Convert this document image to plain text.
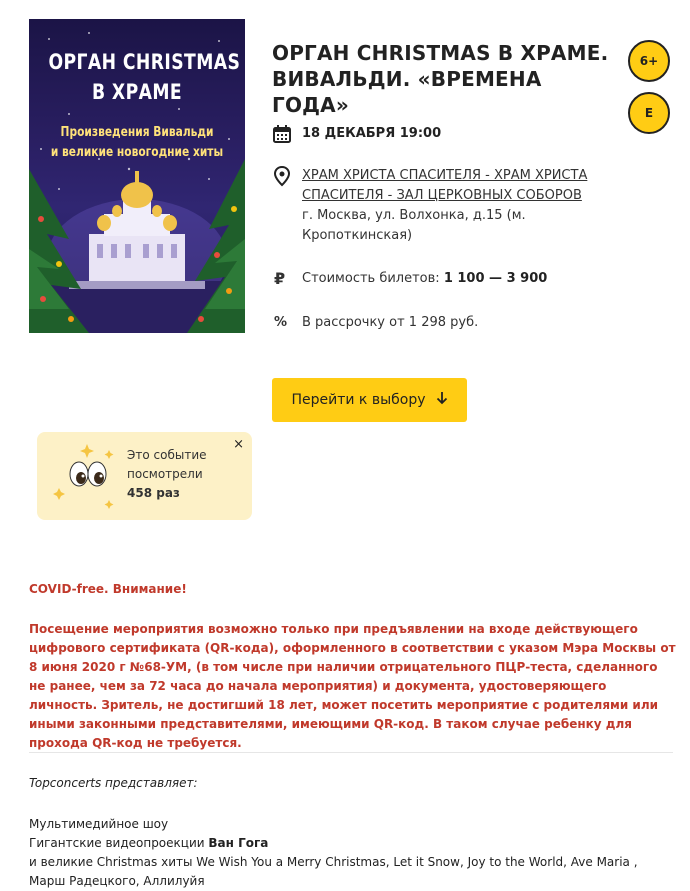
ОРГАН CHRISTMAS
В ХРАМЕ
Произведения Вивальди
и великие новогодние хиты
ОРГАН CHRISTMAS В ХРАМЕ. ВИВАЛЬДИ. «ВРЕМЕНА ГОДА»
6+
E
18 ДЕКАБРЯ 19:00
ХРАМ ХРИСТА СПАСИТЕЛЯ - ХРАМ ХРИСТА СПАСИТЕЛЯ - ЗАЛ ЦЕРКОВНЫХ СОБОРОВ
г. Москва, ул. Волхонка, д.15 (м. Кропоткинская)
₽	Стоимость билетов: 1 100 — 3 900
%	В рассрочку от 1 298 руб.
Перейти к выбору
Это событие
посмотрели
458 раз
×
COVID-free. Внимание!
Посещение мероприятия возможно только при предъявлении на входе действующего цифрового сертификата (QR-кода), оформленного в соответствии с указом Мэра Москвы от 8 июня 2020 г №68-УМ, (в том числе при наличии отрицательного ПЦР-теста, сделанного не ранее, чем за 72 часа до начала мероприятия) и документа, удостоверяющего личность. Зритель, не достигший 18 лет, может посетить мероприятие с родителями или иными законными представителями, имеющими QR-код. В таком случае ребенку для прохода QR-код не требуется.
Topconcerts представляет:
Мультимедийное шоу
Гигантские видеопроекции Ван Гога
и великие Christmas хиты We Wish You a Merry Christmas, Let it Snow, Joy to the World, Ave Maria ,
Марш Радецкого, Аллилуйя
